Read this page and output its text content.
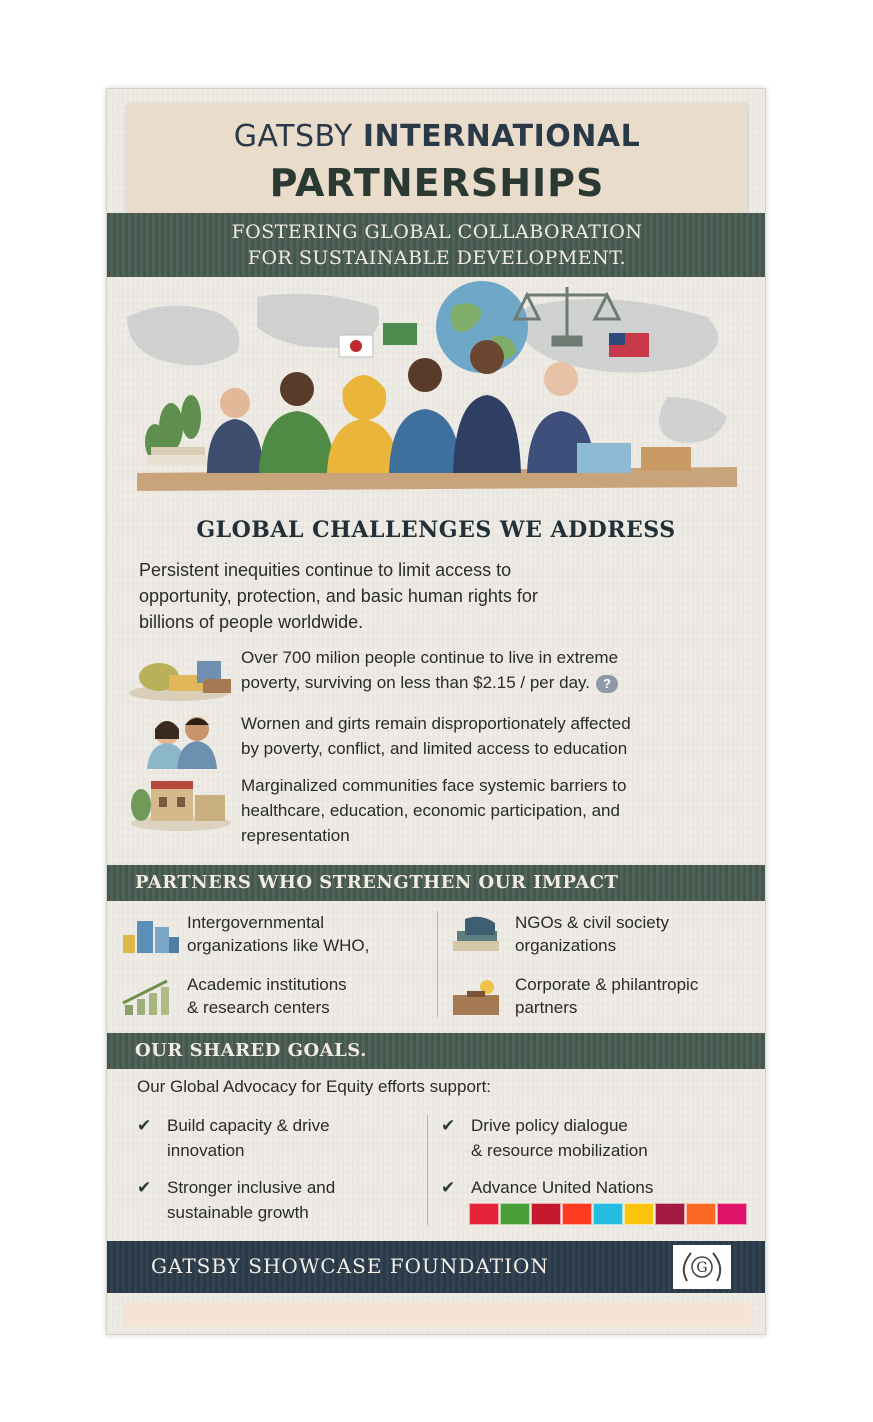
GATSBY INTERNATIONAL
PARTNERSHIPS
FOSTERING GLOBAL COLLABORATION
FOR SUSTAINABLE DEVELOPMENT.
GLOBAL CHALLENGES WE ADDRESS
Persistent inequities continue to limit access to
opportunity, protection, and basic human rights for
billions of people worldwide.
Over 700 milion people continue to live in extreme
poverty, surviving on less than $2.15 / per day. ?
Wornen and girts remain disproportionately affected
by poverty, conflict, and limited access to education
Marginalized communities face systemic barriers to
healthcare, education, economic participation, and
representation
PARTNERS WHO STRENGTHEN OUR IMPACT
Intergovernmental
organizations like WHO,
NGOs & civil society
organizations
Academic institutions
& research centers
Corporate & philantropic
partners
OUR SHARED GOALS.
Our Global Advocacy for Equity efforts support:
✔ Build capacity & drive
innovation
✔ Drive policy dialogue
& resource mobilization
✔ Stronger inclusive and
sustainable growth
✔ Advance United Nations
GATSBY SHOWCASE FOUNDATION	G
